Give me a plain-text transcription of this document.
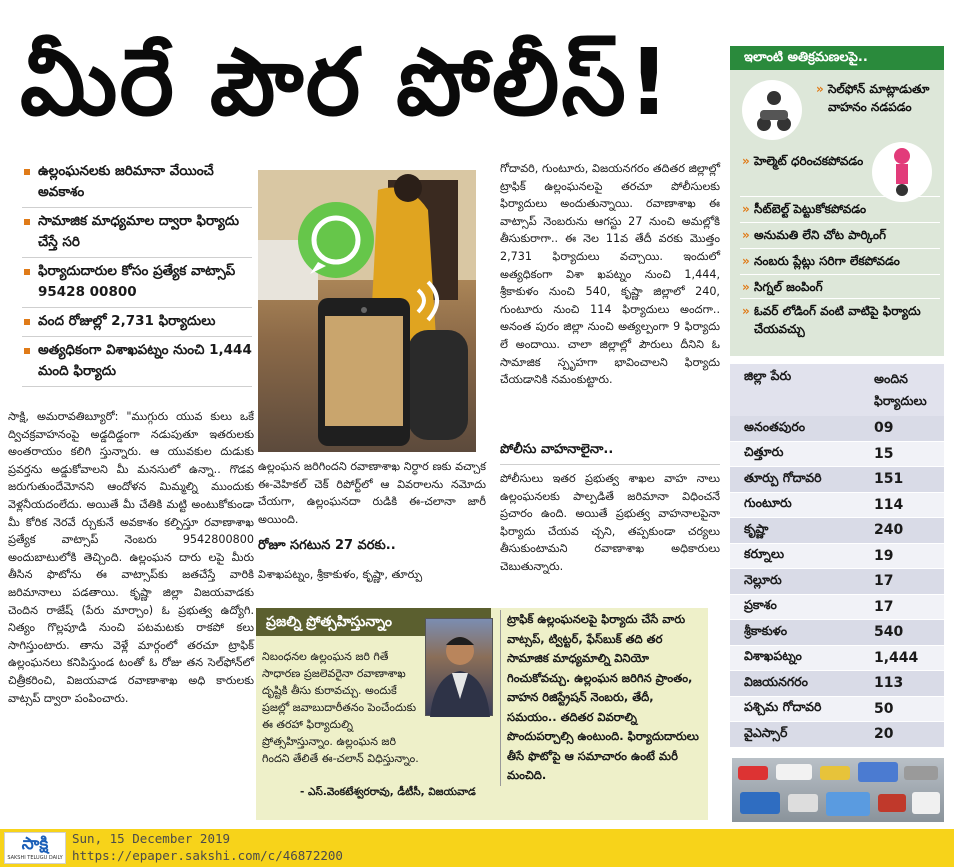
మీరే పౌర పోలీస్!
ఉల్లంఘనలకు జరిమానా వేయించే అవకాశం
సామాజిక మాధ్యమాల ద్వారా ఫిర్యాదు చేస్తే సరి
ఫిర్యాదుదారుల కోసం ప్రత్యేక వాట్సాప్ 95428 00800
వంద రోజుల్లో 2,731 ఫిర్యాదులు
అత్యధికంగా విశాఖపట్నం నుంచి 1,444 మంది ఫిర్యాదు
సాక్షి, అమరావతిబ్యూరో: "ముగ్గురు యువ కులు ఒకే ద్విచక్రవాహనంపై అడ్డదిడ్డంగా నడుపుతూ ఇతరులకు అంతరాయం కలిగి స్తున్నారు. ఆ యువకుల దుడుకు ప్రవర్తను అడ్డుకోవాలని మీ మనసులో ఉన్నా.. గొడవ జరుగుతుందేమోనని ఆందోళన మిమ్మల్ని ముందుకు వెళ్లనీయదంలేదు. అయితే మీ చేతికి మట్టి అంటుకోకుండా మీ కోరిక నెరవే ర్చుకునే అవకాశం కల్పిస్తూ రవాణాశాఖ ప్రత్యేక వాట్సాప్ నెంబరు 9542800800 అందుబాటులోకి తెచ్చింది. ఉల్లంఘన దారు లపై మీరు తీసిన ఫొటోను ఈ వాట్సాప్‌కు జతచేస్తే వారికి జరిమానాలు పడతాయి. కృష్ణా జిల్లా విజయవాడకు చెందిన రాజేష్ (పేరు మార్చాం) ఓ ప్రభుత్వ ఉద్యోగి. నిత్యం గొల్లపూడి నుంచి పటమటకు రాకపో కలు సాగిస్తుంటారు. తాను వెళ్లే మార్గంలో తరచూ ట్రాఫిక్ ఉల్లంఘనలు కనిపిస్తుండ టంతో ఓ రోజు తన సెల్‌ఫోన్‌లో చిత్రీకరించి, విజయవాడ రవాణాశాఖ అధి కారులకు వాట్సప్ ద్వారా పంపించారు.
ఉల్లంఘన జరిగిందని రవాణాశాఖ నిర్ధార ణకు వచ్చాక ఈ-వెహికల్ చెక్ రిపోర్ట్‌లో ఆ వివరాలను నమోదు చేయగా, ఉల్లంఘనదా రుడికి ఈ-చలానా జారీ అయింది.
రోజూ సగటున 27 వరకు..
విశాఖపట్నం, శ్రీకాకుళం, కృష్ణా, తూర్పు
గోదావరి, గుంటూరు, విజయనగరం తదితర జిల్లాల్లో ట్రాఫిక్ ఉల్లంఘనలపై తరచూ పోలీసులకు ఫిర్యాదులు అందుతున్నాయి. రవాణాశాఖ ఈ వాట్సాప్ నెంబరును ఆగస్టు 27 నుంచి అమల్లోకి తీసుకురాగా.. ఈ నెల 11వ తేదీ వరకు మొత్తం 2,731 ఫిర్యాదులు వచ్చాయి. ఇందులో అత్యధికంగా విశా ఖపట్నం నుంచి 1,444, శ్రీకాకుళం నుంచి 540, కృష్ణా జిల్లాలో 240, గుంటూరు నుంచి 114 ఫిర్యాదులు అందగా.. అనంత పురం జిల్లా నుంచి అత్యల్పంగా 9 ఫిర్యాదు లే అందాయి. చాలా జిల్లాల్లో పౌరులు దీనిని ఓ సామాజిక స్పృహగా భావించాలని ఫిర్యాదు చేయడానికి నమంకుట్టారు.
పోలీసు వాహనాలైనా..
పోలీసులు ఇతర ప్రభుత్వ శాఖల వాహ నాలు ఉల్లంఘనలకు పాల్పడితే జరిమానా విధించనే ప్రచారం ఉంది. అయితే ప్రభుత్వ వాహనాలపైనా ఫిర్యాదు చేయవ చ్చని, తప్పకుండా చర్యలు తీసుకుంటామని రవాణాశాఖ అధికారులు చెబుతున్నారు.
ప్రజల్ని ప్రోత్సహిస్తున్నాం
నిబంధనల ఉల్లంఘన జరి గితే సాధారణ ప్రజలెవరైనా రవాణాశాఖ దృష్టికి తీసు కురావచ్చు. అందుకే ప్రజల్లో జవాబుదారీతనం పెంచేందుకు ఈ తరహా ఫిర్యాదుల్ని ప్రోత్సహిస్తున్నాం. ఉల్లంఘన జరి గిందని తేలితే ఈ-చలాన్ విధిస్తున్నాం.
- ఎస్.వెంకటేశ్వరరావు, డీటీసీ, విజయవాడ
ట్రాఫిక్ ఉల్లంఘనలపై ఫిర్యాదు చేసే వారు వాట్సప్, ట్విట్టర్, ఫేస్‌బుక్ తది తర సామాజిక మాధ్యమాల్ని వినియో గించుకోవచ్చు. ఉల్లంఘన జరిగిన ప్రాంతం, వాహన రిజిస్ట్రేషన్ నెంబరు, తేదీ, సమయం.. తదితర వివరాల్ని పొందుపర్చాల్సి ఉంటుంది. ఫిర్యాదుదారులు తీసే ఫొటోపై ఆ సమాచారం ఉంటే మరీ మంచిది.
ఇలాంటి అతిక్రమణలపై..
» సెల్‌ఫోన్ మాట్లాడుతూ వాహనం నడపడం
» హెల్మెట్ ధరించకపోవడం
» సీట్‌బెల్ట్ పెట్టుకోకపోవడం
» అనుమతి లేని చోట పార్కింగ్
» నంబరు ప్లేట్లు సరిగా లేకపోవడం
» సిగ్నల్ జంపింగ్
» ఓవర్ లోడింగ్ వంటి వాటిపై ఫిర్యాదు చేయవచ్చు
జిల్లా పేరు	అందిన ఫిర్యాదులు
అనంతపురం	09
చిత్తూరు	15
తూర్పు గోదావరి	151
గుంటూరు	114
కృష్ణా	240
కర్నూలు	19
నెల్లూరు	17
ప్రకాశం	17
శ్రీకాకుళం	540
విశాఖపట్నం	1,444
విజయనగరం	113
పశ్చిమ గోదావరి	50
వైఎస్సార్	20
సాక్షి
SAKSHI TELUGU DAILY
Sun, 15 December 2019
https://epaper.sakshi.com/c/46872200
